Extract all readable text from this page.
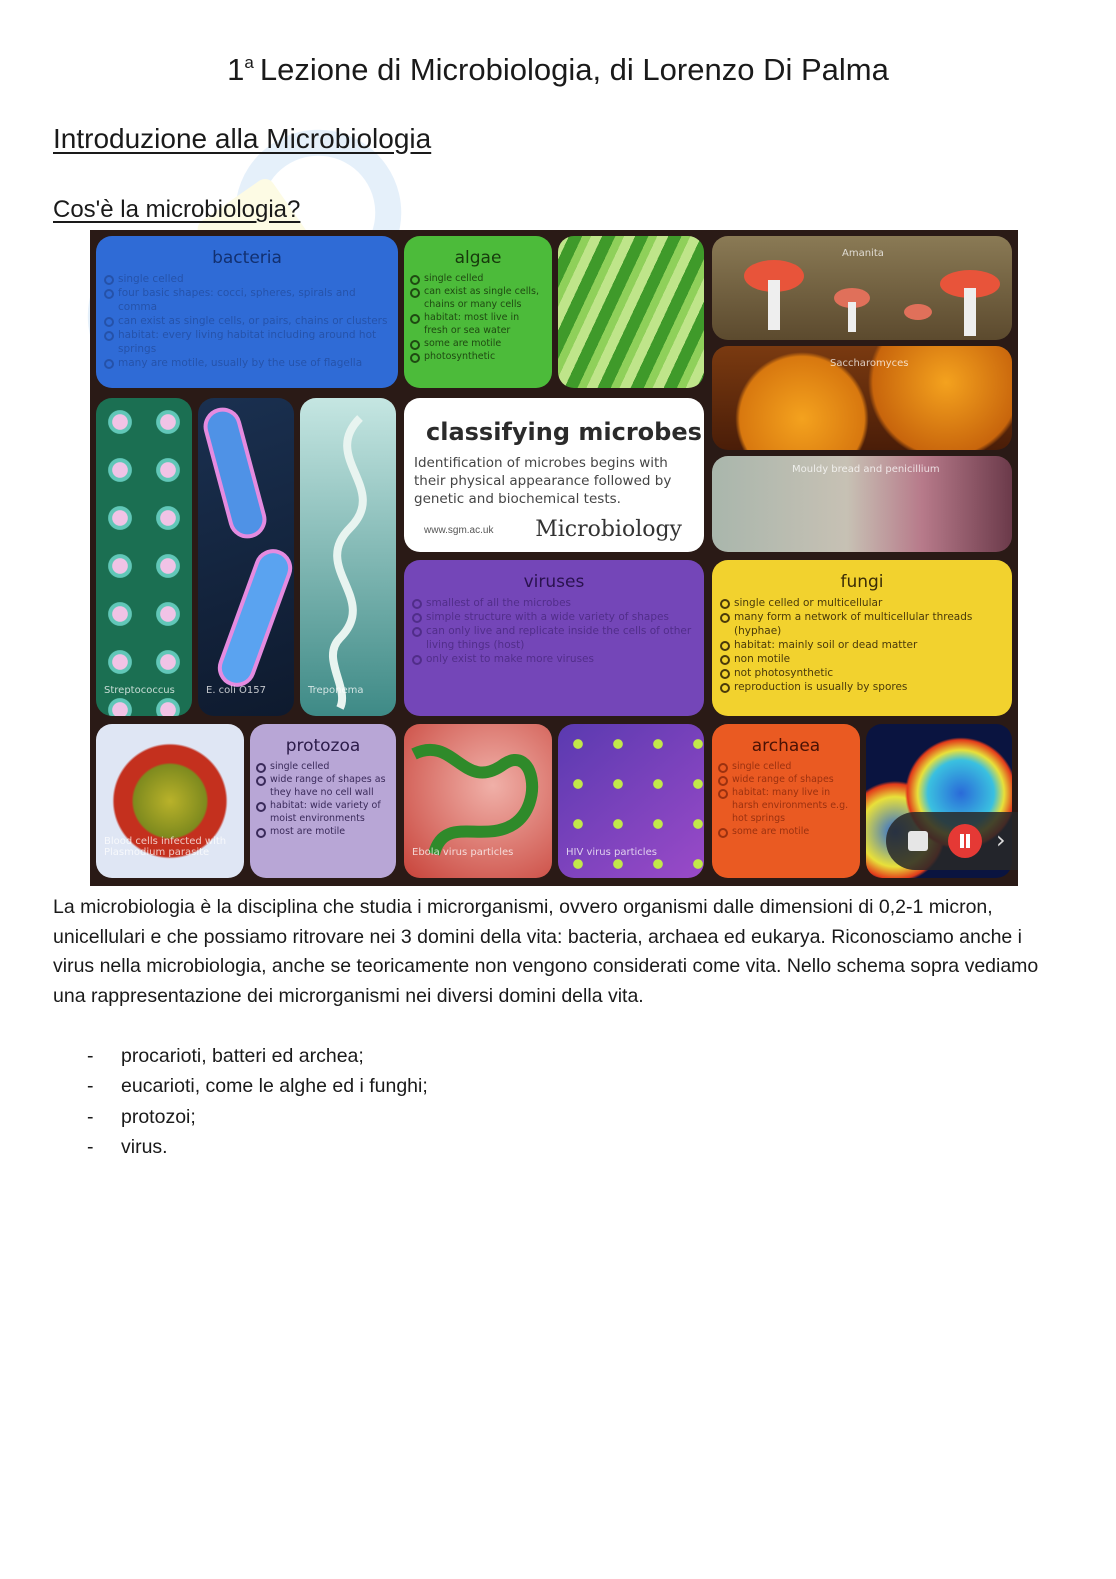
1$^a$ Lezione di Microbiologia, di Lorenzo Di Palma
Introduzione alla Microbiologia
Cos'è la microbiologia?
bacteria
single celled
four basic shapes: cocci, spheres, spirals and comma
can exist as single cells, or pairs, chains or clusters
habitat: every living habitat including around hot springs
many are motile, usually by the use of flagella
algae
single celled
can exist as single cells, chains or many cells
habitat: most live in fresh or sea water
some are motile
photosynthetic
Amanita
Saccharomyces
Mouldy bread and penicillium
Streptococcus	E. coli O157	Treponema
classifying microbes
Identification of microbes begins with their physical appearance followed by genetic and biochemical tests.
www.sgm.ac.uk Microbiology
viruses
smallest of all the microbes
simple structure with a wide variety of shapes
can only live and replicate inside the cells of other living things (host)
only exist to make more viruses
fungi
single celled or multicellular
many form a network of multicellular threads (hyphae)
habitat: mainly soil or dead matter
non motile
not photosynthetic
reproduction is usually by spores
Blood cells infected with Plasmodium parasite
protozoa
single celled
wide range of shapes as they have no cell wall
habitat: wide variety of moist environments
most are motile
Ebola virus particles	HIV virus particles
archaea
single celled
wide range of shapes
habitat: many live in harsh environments e.g. hot springs
some are motile	›
La microbiologia è la disciplina che studia i microrganismi, ovvero organismi dalle dimensioni di 0,2-1 micron, unicellulari e che possiamo ritrovare nei 3 domini della vita: bacteria, archaea ed eukarya. Riconosciamo anche i virus nella microbiologia, anche se teoricamente non vengono considerati come vita. Nello schema sopra vediamo una rappresentazione dei microrganismi nei diversi domini della vita.
- procarioti, batteri ed archea;
- eucarioti, come le alghe ed i funghi;
- protozoi;
- virus.
